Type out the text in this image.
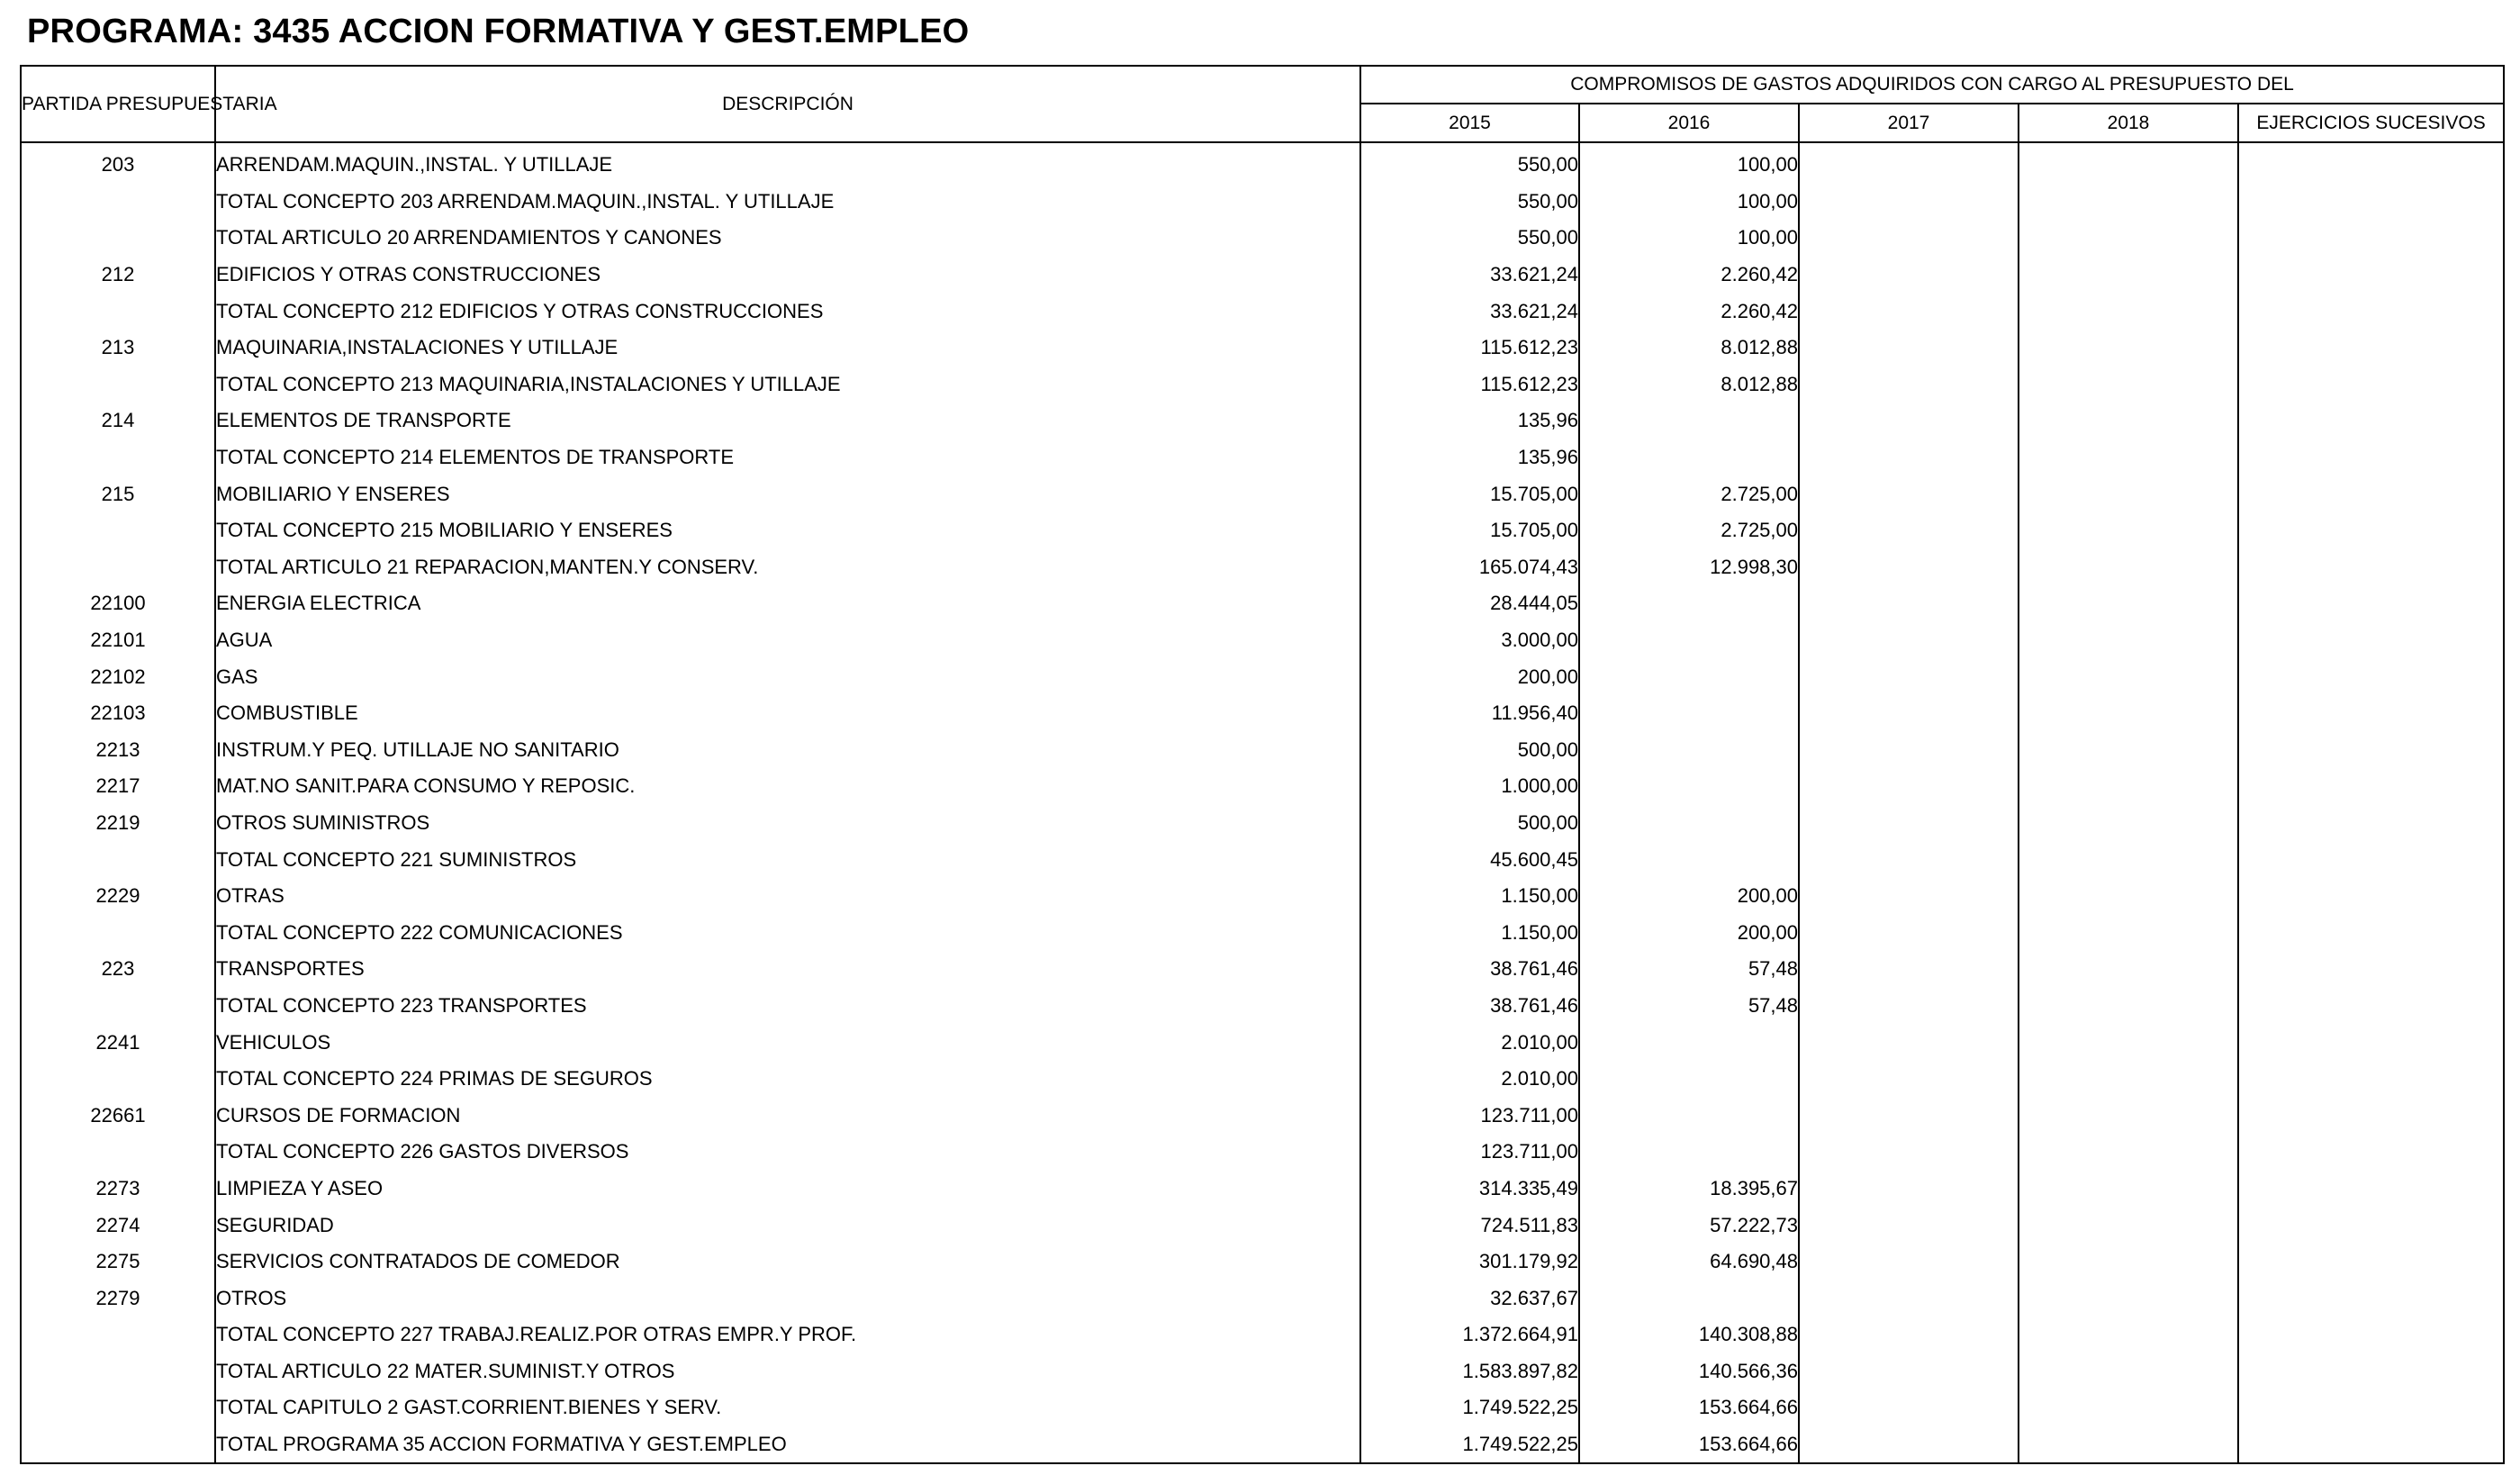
PROGRAMA: 3435 ACCION FORMATIVA Y GEST.EMPLEO
PARTIDA PRESUPUESTARIA	DESCRIPCIÓN	COMPROMISOS DE GASTOS ADQUIRIDOS CON CARGO AL PRESUPUESTO DEL				
		2015	2016	2017	2018	EJERCICIOS SUCESIVOS
203	ARRENDAM.MAQUIN.,INSTAL. Y UTILLAJE	550,00	100,00			
	TOTAL CONCEPTO 203 ARRENDAM.MAQUIN.,INSTAL. Y UTILLAJE	550,00	100,00			
	TOTAL ARTICULO 20 ARRENDAMIENTOS Y CANONES	550,00	100,00			
212	EDIFICIOS Y OTRAS CONSTRUCCIONES	33.621,24	2.260,42			
	TOTAL CONCEPTO 212 EDIFICIOS Y OTRAS CONSTRUCCIONES	33.621,24	2.260,42			
213	MAQUINARIA,INSTALACIONES Y UTILLAJE	115.612,23	8.012,88			
	TOTAL CONCEPTO 213 MAQUINARIA,INSTALACIONES Y UTILLAJE	115.612,23	8.012,88			
214	ELEMENTOS DE TRANSPORTE	135,96				
	TOTAL CONCEPTO 214 ELEMENTOS DE TRANSPORTE	135,96				
215	MOBILIARIO Y ENSERES	15.705,00	2.725,00			
	TOTAL CONCEPTO 215 MOBILIARIO Y ENSERES	15.705,00	2.725,00			
	TOTAL ARTICULO 21 REPARACION,MANTEN.Y CONSERV.	165.074,43	12.998,30			
22100	ENERGIA ELECTRICA	28.444,05				
22101	AGUA	3.000,00				
22102	GAS	200,00				
22103	COMBUSTIBLE	11.956,40				
2213	INSTRUM.Y PEQ. UTILLAJE NO SANITARIO	500,00				
2217	MAT.NO SANIT.PARA CONSUMO Y REPOSIC.	1.000,00				
2219	OTROS SUMINISTROS	500,00				
	TOTAL CONCEPTO 221 SUMINISTROS	45.600,45				
2229	OTRAS	1.150,00	200,00			
	TOTAL CONCEPTO 222 COMUNICACIONES	1.150,00	200,00			
223	TRANSPORTES	38.761,46	57,48			
	TOTAL CONCEPTO 223 TRANSPORTES	38.761,46	57,48			
2241	VEHICULOS	2.010,00				
	TOTAL CONCEPTO 224 PRIMAS DE SEGUROS	2.010,00				
22661	CURSOS DE FORMACION	123.711,00				
	TOTAL CONCEPTO 226 GASTOS DIVERSOS	123.711,00				
2273	LIMPIEZA Y ASEO	314.335,49	18.395,67			
2274	SEGURIDAD	724.511,83	57.222,73			
2275	SERVICIOS CONTRATADOS DE COMEDOR	301.179,92	64.690,48			
2279	OTROS	32.637,67				
	TOTAL CONCEPTO 227 TRABAJ.REALIZ.POR OTRAS EMPR.Y PROF.	1.372.664,91	140.308,88			
	TOTAL ARTICULO 22 MATER.SUMINIST.Y OTROS	1.583.897,82	140.566,36			
	TOTAL CAPITULO 2 GAST.CORRIENT.BIENES Y SERV.	1.749.522,25	153.664,66			
	TOTAL PROGRAMA 35 ACCION FORMATIVA Y GEST.EMPLEO	1.749.522,25	153.664,66			
